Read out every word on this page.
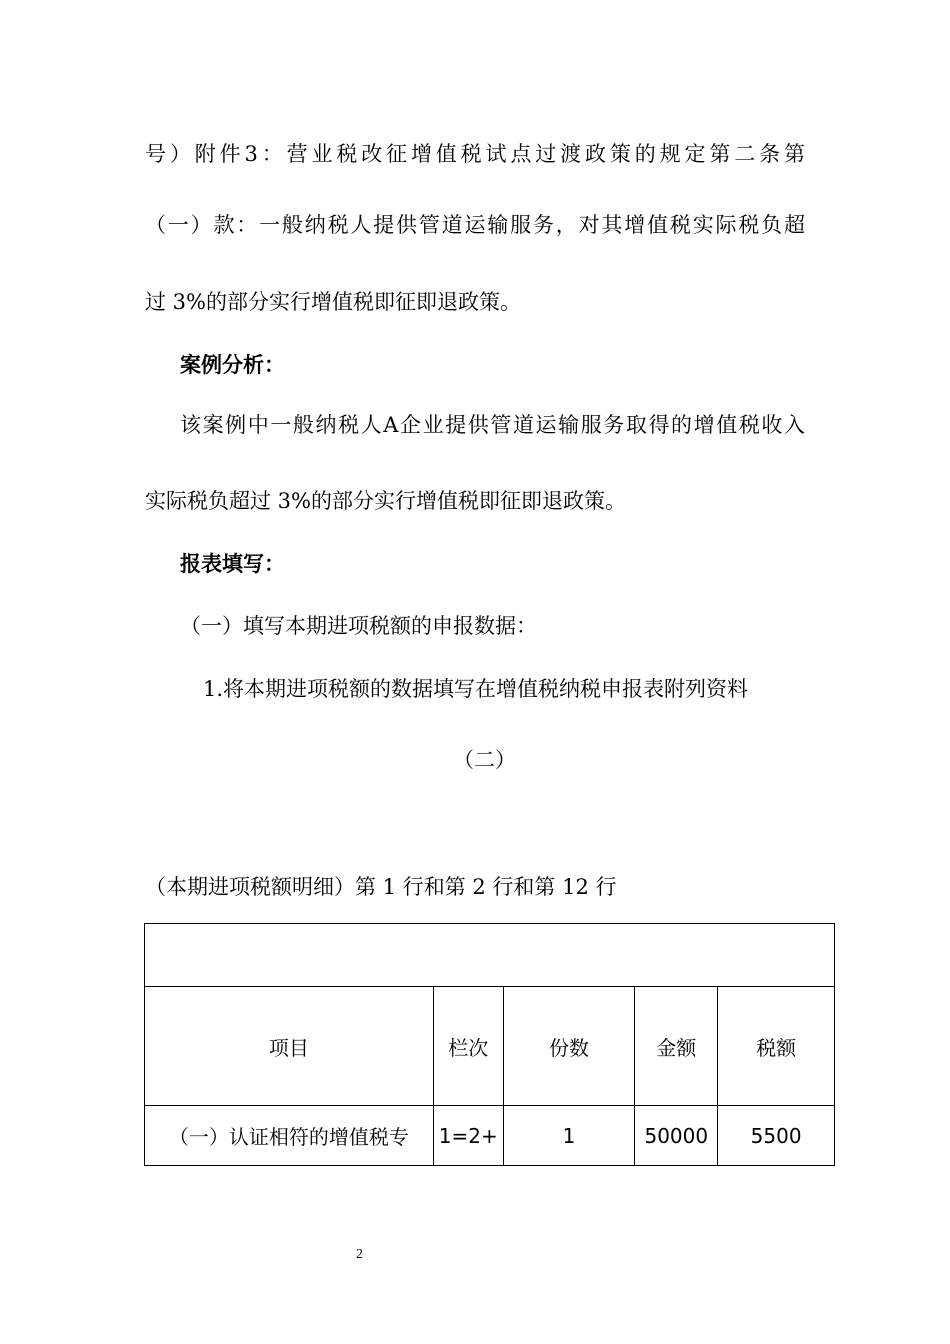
号）附件3：营业税改征增值税试点过渡政策的规定第二条第
（一）款：一般纳税人提供管道运输服务，对其增值税实际税负超
过 3%的部分实行增值税即征即退政策。
案例分析：
该案例中一般纳税人A企业提供管道运输服务取得的增值税收入
实际税负超过 3%的部分实行增值税即征即退政策。
报表填写：
（一）填写本期进项税额的申报数据：
1.将本期进项税额的数据填写在增值税纳税申报表附列资料
（二）
（本期进项税额明细）第 1 行和第 2 行和第 12 行

项目	栏次	份数	金额	税额
（一）认证相符的增值税专	1=2+	1	50000	5500
2
